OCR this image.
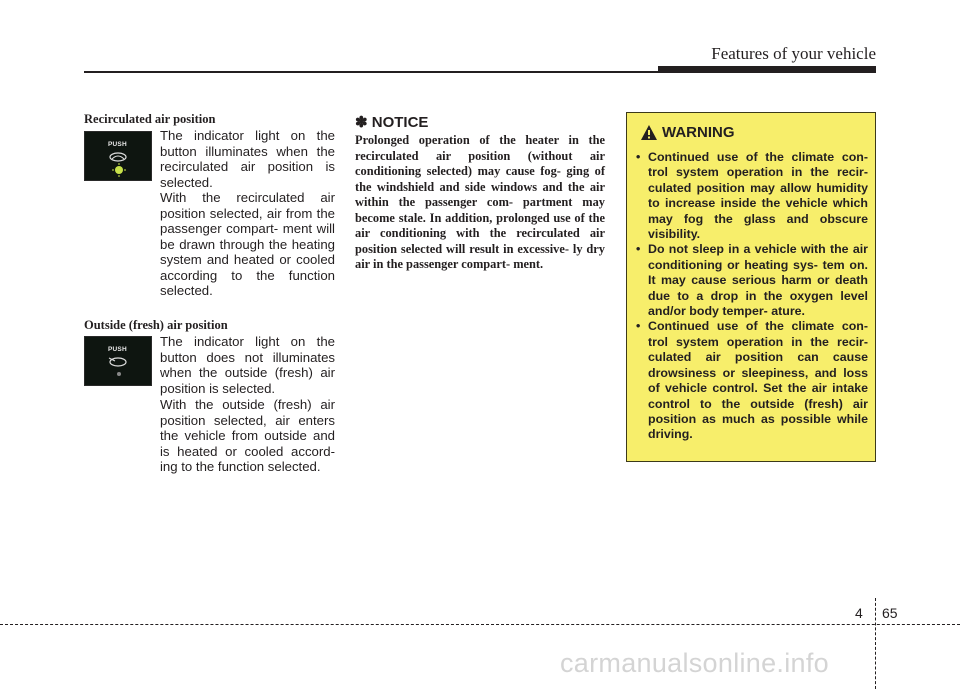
Features of your vehicle
Recirculated air position
PUSH
The indicator light on the button illuminates when the recirculated air position is selected.
With the recirculated air position selected, air from the passenger compart- ment will be drawn through the heating system and heated or cooled according to the function selected.
Outside (fresh) air position
PUSH
The indicator light on the button does not illuminates when the outside (fresh) air position is selected.
With the outside (fresh) air position selected, air enters the vehicle from outside and is heated or cooled accord- ing to the function selected.
✽ NOTICE
Prolonged operation of the heater in the recirculated air position (without air conditioning selected) may cause fog- ging of the windshield and side windows and the air within the passenger com- partment may become stale. In addition, prolonged use of the air conditioning with the recirculated air position selected will result in excessive- ly dry air in the passenger compart- ment.
WARNING
• Continued use of the climate con- trol system operation in the recir- culated position may allow humidity to increase inside the vehicle which may fog the glass and obscure visibility.
• Do not sleep in a vehicle with the air conditioning or heating sys- tem on. It may cause serious harm or death due to a drop in the oxygen level and/or body temper- ature.
• Continued use of the climate con- trol system operation in the recir- culated air position can cause drowsiness or sleepiness, and loss of vehicle control. Set the air intake control to the outside (fresh) air position as much as possible while driving.
4 65
carmanualsonline.info
